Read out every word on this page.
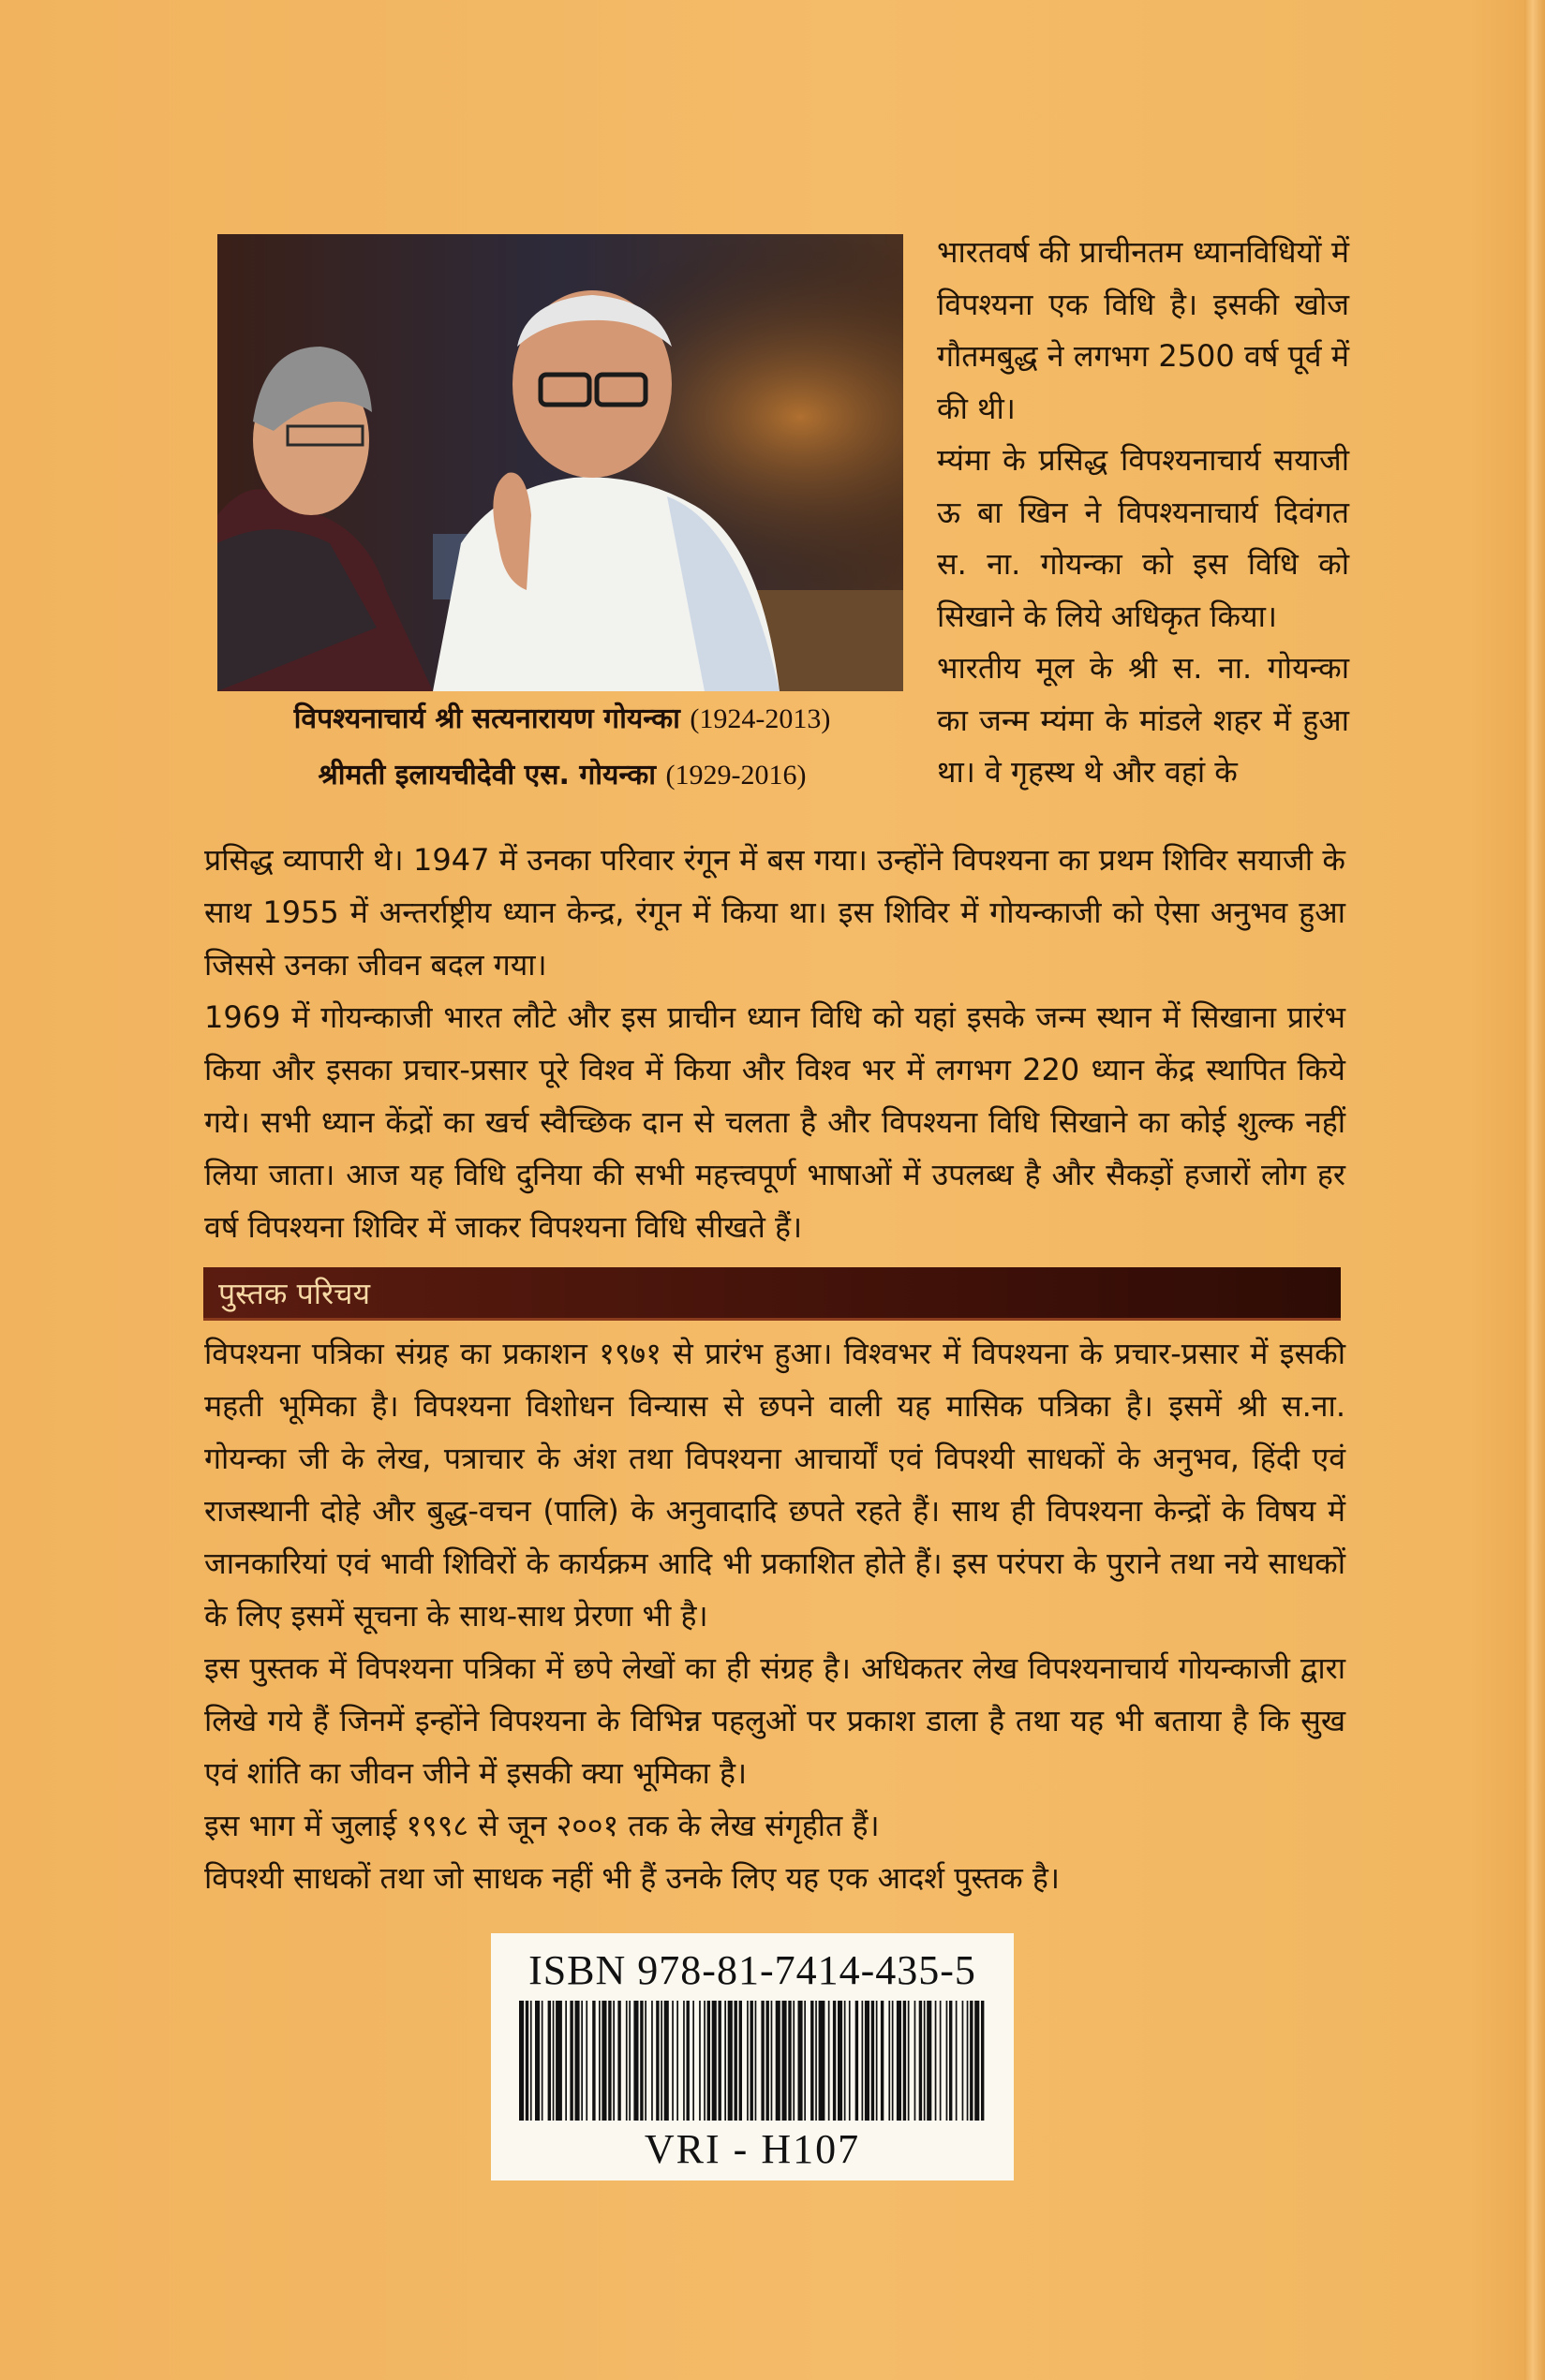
विपश्यनाचार्य श्री सत्यनारायण गोयन्का (1924-2013)
श्रीमती इलायचीदेवी एस. गोयन्का (1929-2016)

भारतवर्ष की प्राचीनतम ध्यानविधियों में विपश्यना एक विधि है। इसकी खोज गौतमबुद्ध ने लगभग 2500 वर्ष पूर्व में की थी।

म्यंमा के प्रसिद्ध विपश्यनाचार्य सयाजी ऊ बा खिन ने विपश्यनाचार्य दिवंगत स. ना. गोयन्का को इस विधि को सिखाने के लिये अधिकृत किया।

भारतीय मूल के श्री स. ना. गोयन्का का जन्म म्यंमा के मांडले शहर में हुआ था। वे गृहस्थ थे और वहां के

प्रसिद्ध व्यापारी थे। 1947 में उनका परिवार रंगून में बस गया। उन्होंने विपश्यना का प्रथम शिविर सयाजी के साथ 1955 में अन्तर्राष्ट्रीय ध्यान केन्द्र, रंगून में किया था। इस शिविर में गोयन्काजी को ऐसा अनुभव हुआ जिससे उनका जीवन बदल गया।

1969 में गोयन्काजी भारत लौटे और इस प्राचीन ध्यान विधि को यहां इसके जन्म स्थान में सिखाना प्रारंभ किया और इसका प्रचार-प्रसार पूरे विश्व में किया और विश्व भर में लगभग 220 ध्यान केंद्र स्थापित किये गये। सभी ध्यान केंद्रों का खर्च स्वैच्छिक दान से चलता है और विपश्यना विधि सिखाने का कोई शुल्क नहीं लिया जाता। आज यह विधि दुनिया की सभी महत्त्वपूर्ण भाषाओं में उपलब्ध है और सैकड़ों हजारों लोग हर वर्ष विपश्यना शिविर में जाकर विपश्यना विधि सीखते हैं।

पुस्तक परिचय

विपश्यना पत्रिका संग्रह का प्रकाशन १९७१ से प्रारंभ हुआ। विश्वभर में विपश्यना के प्रचार-प्रसार में इसकी महती भूमिका है। विपश्यना विशोधन विन्यास से छपने वाली यह मासिक पत्रिका है। इसमें श्री स.ना. गोयन्का जी के लेख, पत्राचार के अंश तथा विपश्यना आचार्यों एवं विपश्यी साधकों के अनुभव, हिंदी एवं राजस्थानी दोहे और बुद्ध-वचन (पालि) के अनुवादादि छपते रहते हैं। साथ ही विपश्यना केन्द्रों के विषय में जानकारियां एवं भावी शिविरों के कार्यक्रम आदि भी प्रकाशित होते हैं। इस परंपरा के पुराने तथा नये साधकों के लिए इसमें सूचना के साथ-साथ प्रेरणा भी है।

इस पुस्तक में विपश्यना पत्रिका में छपे लेखों का ही संग्रह है। अधिकतर लेख विपश्यनाचार्य गोयन्काजी द्वारा लिखे गये हैं जिनमें इन्होंने विपश्यना के विभिन्न पहलुओं पर प्रकाश डाला है तथा यह भी बताया है कि सुख एवं शांति का जीवन जीने में इसकी क्या भूमिका है।

इस भाग में जुलाई १९९८ से जून २००१ तक के लेख संगृहीत हैं।

विपश्यी साधकों तथा जो साधक नहीं भी हैं उनके लिए यह एक आदर्श पुस्तक है।

ISBN 978-81-7414-435-5
VRI - H107
